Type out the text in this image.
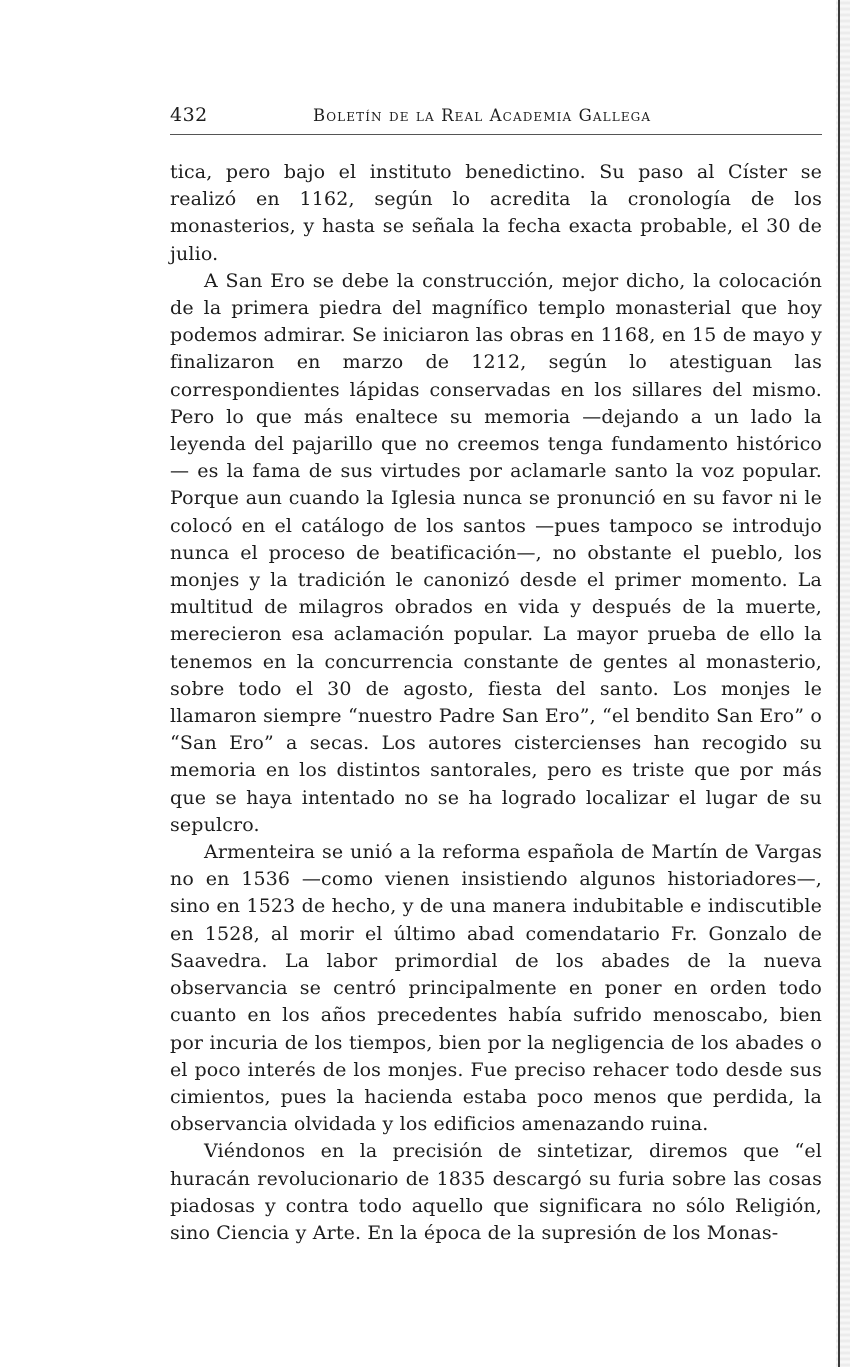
432	Boletín de la Real Academia Gallega

tica, pero bajo el instituto benedictino. Su paso al Císter se realizó en 1162, según lo acredita la cronología de los monasterios, y hasta se señala la fecha exacta probable, el 30 de julio.

A San Ero se debe la construcción, mejor dicho, la colocación de la primera piedra del magnífico templo monasterial que hoy podemos admirar. Se iniciaron las obras en 1168, en 15 de mayo y finalizaron en marzo de 1212, según lo atestiguan las correspondientes lápidas conservadas en los sillares del mismo. Pero lo que más enaltece su memoria —dejando a un lado la leyenda del pajarillo que no creemos tenga fundamento histórico— es la fama de sus virtudes por aclamarle santo la voz popular. Porque aun cuando la Iglesia nunca se pronunció en su favor ni le colocó en el catálogo de los santos —pues tampoco se introdujo nunca el proceso de beatificación—, no obstante el pueblo, los monjes y la tradición le canonizó desde el primer momento. La multitud de milagros obrados en vida y después de la muerte, merecieron esa aclamación popular. La mayor prueba de ello la tenemos en la concurrencia constante de gentes al monasterio, sobre todo el 30 de agosto, fiesta del santo. Los monjes le llamaron siempre “nuestro Padre San Ero”, “el bendito San Ero” o “San Ero” a secas. Los autores cistercienses han recogido su memoria en los distintos santorales, pero es triste que por más que se haya intentado no se ha logrado localizar el lugar de su sepulcro.

Armenteira se unió a la reforma española de Martín de Vargas no en 1536 —como vienen insistiendo algunos historiadores—, sino en 1523 de hecho, y de una manera indubitable e indiscutible en 1528, al morir el último abad comendatario Fr. Gonzalo de Saavedra. La labor primordial de los abades de la nueva observancia se centró principalmente en poner en orden todo cuanto en los años precedentes había sufrido menoscabo, bien por incuria de los tiempos, bien por la negligencia de los abades o el poco interés de los monjes. Fue preciso rehacer todo desde sus cimientos, pues la hacienda estaba poco menos que perdida, la observancia olvidada y los edificios amenazando ruina.

Viéndonos en la precisión de sintetizar, diremos que “el huracán revolucionario de 1835 descargó su furia sobre las cosas piadosas y contra todo aquello que significara no sólo Religión, sino Ciencia y Arte. En la época de la supresión de los Monas-
